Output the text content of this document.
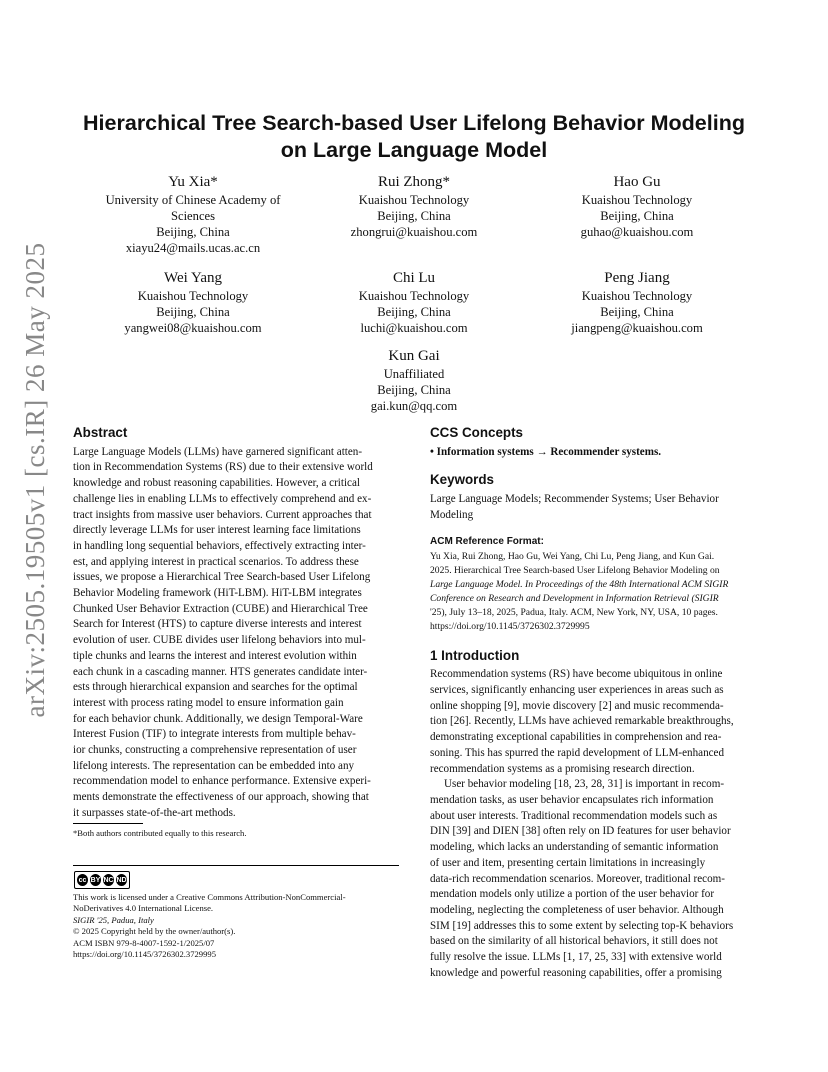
arXiv:2505.19505v1 [cs.IR] 26 May 2025
Hierarchical Tree Search-based User Lifelong Behavior Modeling
on Large Language Model
Yu Xia*
University of Chinese Academy of
Sciences
Beijing, China
xiayu24@mails.ucas.ac.cn
Rui Zhong*
Kuaishou Technology
Beijing, China
zhongrui@kuaishou.com
Hao Gu
Kuaishou Technology
Beijing, China
guhao@kuaishou.com
Wei Yang
Kuaishou Technology
Beijing, China
yangwei08@kuaishou.com
Chi Lu
Kuaishou Technology
Beijing, China
luchi@kuaishou.com
Peng Jiang
Kuaishou Technology
Beijing, China
jiangpeng@kuaishou.com
Kun Gai
Unaffiliated
Beijing, China
gai.kun@qq.com
Abstract
Large Language Models (LLMs) have garnered significant atten-
tion in Recommendation Systems (RS) due to their extensive world
knowledge and robust reasoning capabilities. However, a critical
challenge lies in enabling LLMs to effectively comprehend and ex-
tract insights from massive user behaviors. Current approaches that
directly leverage LLMs for user interest learning face limitations
in handling long sequential behaviors, effectively extracting inter-
est, and applying interest in practical scenarios. To address these
issues, we propose a Hierarchical Tree Search-based User Lifelong
Behavior Modeling framework (HiT-LBM). HiT-LBM integrates
Chunked User Behavior Extraction (CUBE) and Hierarchical Tree
Search for Interest (HTS) to capture diverse interests and interest
evolution of user. CUBE divides user lifelong behaviors into mul-
tiple chunks and learns the interest and interest evolution within
each chunk in a cascading manner. HTS generates candidate inter-
ests through hierarchical expansion and searches for the optimal
interest with process rating model to ensure information gain
for each behavior chunk. Additionally, we design Temporal-Ware
Interest Fusion (TIF) to integrate interests from multiple behav-
ior chunks, constructing a comprehensive representation of user
lifelong interests. The representation can be embedded into any
recommendation model to enhance performance. Extensive experi-
ments demonstrate the effectiveness of our approach, showing that
it surpasses state-of-the-art methods.
*Both authors contributed equally to this research.
cc BY NC ND
This work is licensed under a Creative Commons Attribution-NonCommercial-
NoDerivatives 4.0 International License.
SIGIR '25, Padua, Italy
© 2025 Copyright held by the owner/author(s).
ACM ISBN 979-8-4007-1592-1/2025/07
https://doi.org/10.1145/3726302.3729995
CCS Concepts
• Information systems → Recommender systems.
Keywords
Large Language Models; Recommender Systems; User Behavior
Modeling
ACM Reference Format:
Yu Xia, Rui Zhong, Hao Gu, Wei Yang, Chi Lu, Peng Jiang, and Kun Gai.
2025. Hierarchical Tree Search-based User Lifelong Behavior Modeling on
Large Language Model. In Proceedings of the 48th International ACM SIGIR
Conference on Research and Development in Information Retrieval (SIGIR
'25), July 13–18, 2025, Padua, Italy. ACM, New York, NY, USA, 10 pages.
https://doi.org/10.1145/3726302.3729995
1 Introduction
Recommendation systems (RS) have become ubiquitous in online
services, significantly enhancing user experiences in areas such as
online shopping [9], movie discovery [2] and music recommenda-
tion [26]. Recently, LLMs have achieved remarkable breakthroughs,
demonstrating exceptional capabilities in comprehension and rea-
soning. This has spurred the rapid development of LLM-enhanced
recommendation systems as a promising research direction.
User behavior modeling [18, 23, 28, 31] is important in recom-
mendation tasks, as user behavior encapsulates rich information
about user interests. Traditional recommendation models such as
DIN [39] and DIEN [38] often rely on ID features for user behavior
modeling, which lacks an understanding of semantic information
of user and item, presenting certain limitations in increasingly
data-rich recommendation scenarios. Moreover, traditional recom-
mendation models only utilize a portion of the user behavior for
modeling, neglecting the completeness of user behavior. Although
SIM [19] addresses this to some extent by selecting top-K behaviors
based on the similarity of all historical behaviors, it still does not
fully resolve the issue. LLMs [1, 17, 25, 33] with extensive world
knowledge and powerful reasoning capabilities, offer a promising
